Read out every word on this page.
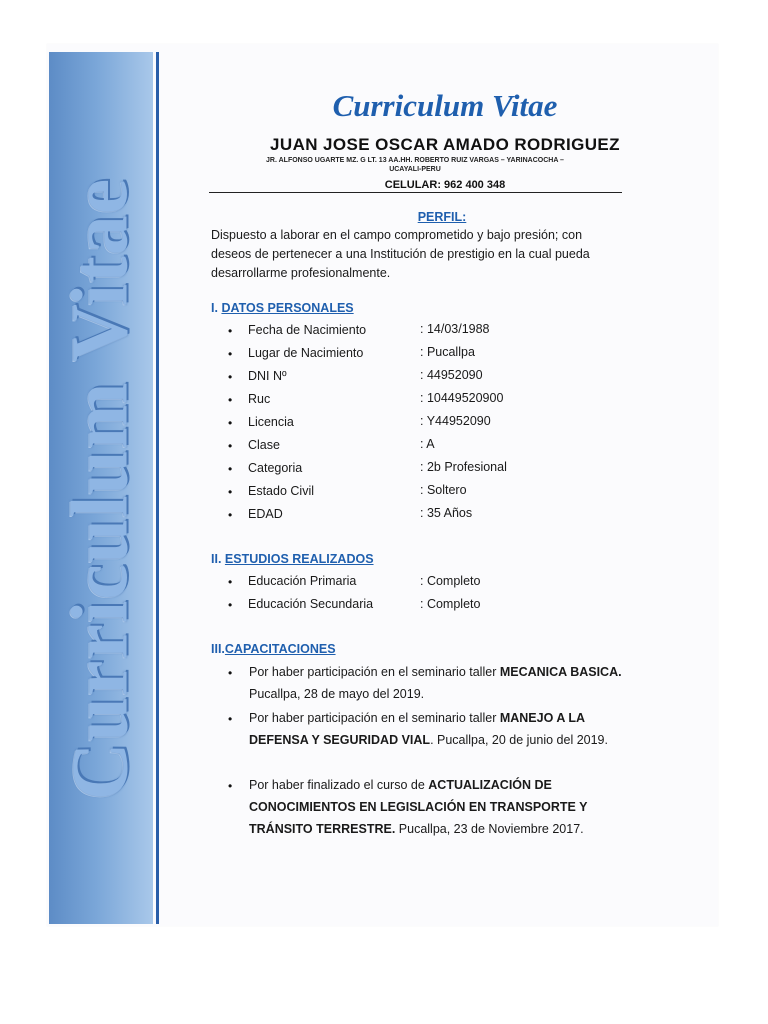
Curriculum Vitae
Curriculum Vitae
JUAN JOSE OSCAR AMADO RODRIGUEZ
JR. ALFONSO UGARTE MZ. G LT. 13 AA.HH. ROBERTO RUIZ VARGAS – YARINACOCHA –
UCAYALI-PERU
CELULAR: 962 400 348
PERFIL:
Dispuesto a laborar en el campo comprometido y bajo presión; con
deseos de pertenecer a una Institución de prestigio en la cual pueda
desarrollarme profesionalmente.
I. DATOS PERSONALES
• Fecha de Nacimiento	: 14/03/1988
• Lugar de Nacimiento	: Pucallpa
• DNI Nº	: 44952090
• Ruc	: 10449520900
• Licencia	: Y44952090
• Clase	: A
• Categoria	: 2b Profesional
• Estado Civil	: Soltero
• EDAD	: 35 Años
II. ESTUDIOS REALIZADOS
• Educación Primaria	: Completo
• Educación Secundaria	: Completo
III.CAPACITACIONES
• Por haber participación en el seminario taller MECANICA BASICA. Pucallpa, 28 de mayo del 2019.
• Por haber participación en el seminario taller MANEJO A LA DEFENSA Y SEGURIDAD VIAL. Pucallpa, 20 de junio del 2019.
• Por haber finalizado el curso de ACTUALIZACIÓN DE CONOCIMIENTOS EN LEGISLACIÓN EN TRANSPORTE Y TRÁNSITO TERRESTRE. Pucallpa, 23 de Noviembre 2017.
